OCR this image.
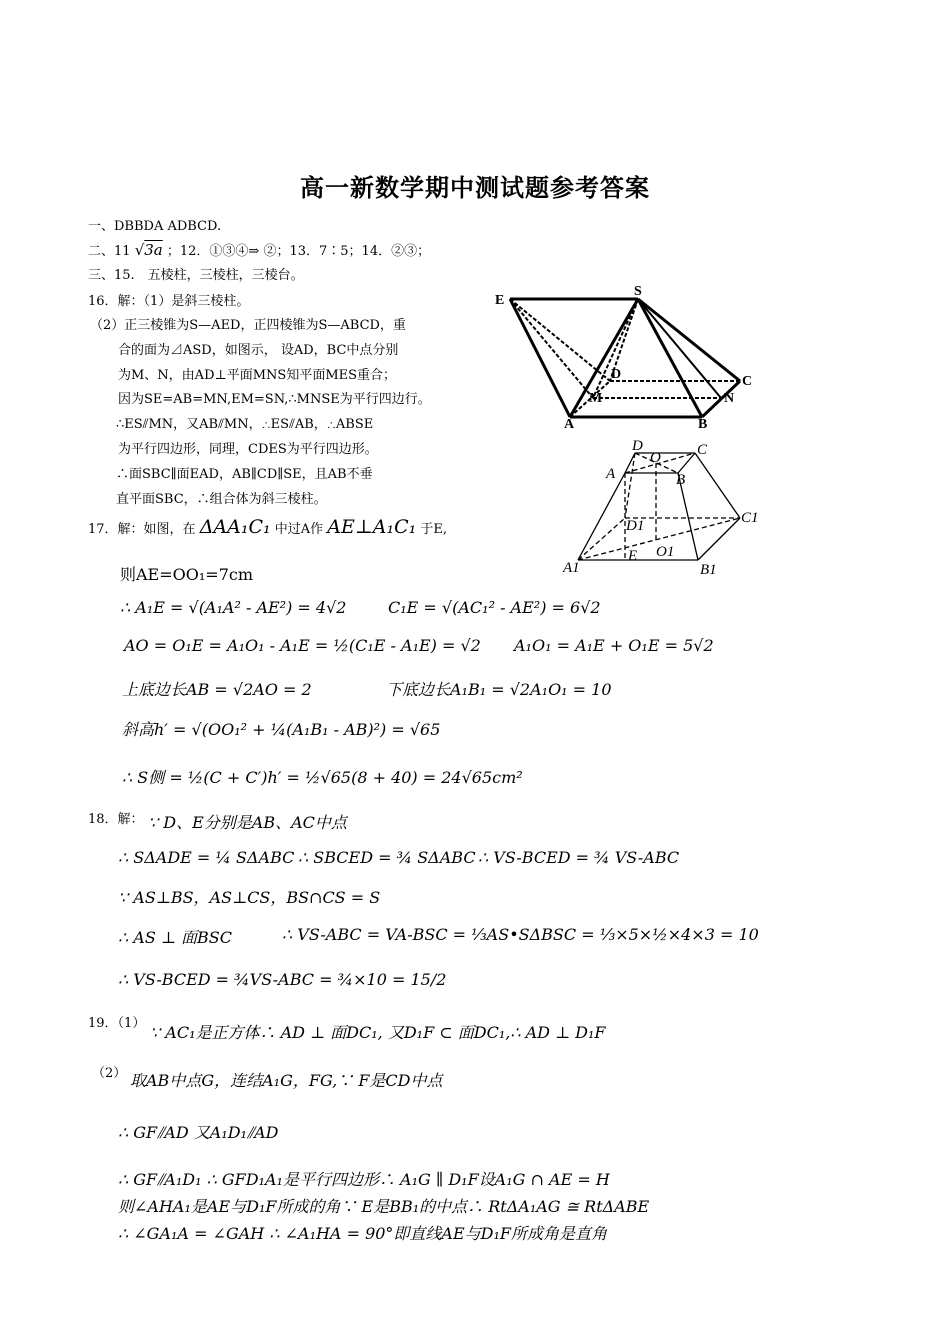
高一新数学期中测试题参考答案
一、DBBDA ADBCD.
二、11 √3a ；12．①③④⇒ ②；13．7∶5；14．②③；
三、15.　五棱柱，三棱柱，三棱台。
16．解：（1）是斜三棱柱。
（2）正三棱锥为S—AED，正四棱锥为S—ABCD，重
合的面为⊿ASD，如图示， 设AD，BC中点分别
为M、N，由AD⊥平面MNS知平面MES重合；
因为SE=AB=MN,EM=SN,∴MNSE为平行四边行。
∴ES⫽MN，又AB⫽MN，∴ES⫽AB，∴ABSE
为平行四边形，同理，CDES为平行四边形。
∴面SBC∥面EAD，AB∥CD∥SE，且AB不垂
直平面SBC，∴组合体为斜三棱柱。
E
S
D	C
M	N
A	B
D
O C
A	B
D1	C1
E O1
A1	B1
17．解：如图，在 ΔAA₁C₁ 中过A作 AE⊥A₁C₁ 于E,
则AE=OO₁=7cm
∴ A₁E = √(A₁A² - AE²) = 4√2	C₁E = √(AC₁² - AE²) = 6√2
AO = O₁E = A₁O₁ - A₁E = ½(C₁E - A₁E) = √2 A₁O₁ = A₁E + O₁E = 5√2
上底边长AB = √2AO = 2	下底边长A₁B₁ = √2A₁O₁ = 10
斜高h′ = √(OO₁² + ¼(A₁B₁ - AB)²) = √65
∴ S侧 = ½(C + C′)h′ = ½√65(8 + 40) = 24√65cm²
18．解： ∵ D、E分别是AB、AC中点
∴ SΔADE = ¼ SΔABC ∴ SBCED = ¾ SΔABC ∴ VS-BCED = ¾ VS-ABC
∵ AS⊥BS，AS⊥CS，BS∩CS = S
∴ AS ⊥ 面BSC	∴ VS-ABC = VA-BSC = ⅓AS•SΔBSC = ⅓×5×½×4×3 = 10
∴ VS-BCED = ¾VS-ABC = ¾×10 = 15/2
19．（1） ∵ AC₁是正方体∴ AD ⊥ 面DC₁, 又D₁F ⊂ 面DC₁,∴ AD ⊥ D₁F
（2） 取AB中点G，连结A₁G，FG,∵ F是CD中点
∴ GF⫽AD 又A₁D₁⫽AD
∴ GF⫽A₁D₁ ∴ GFD₁A₁是平行四边形∴ A₁G ∥ D₁F设A₁G ∩ AE = H
则∠AHA₁是AE与D₁F所成的角∵ E是BB₁的中点∴ RtΔA₁AG ≅ RtΔABE
∴ ∠GA₁A = ∠GAH ∴ ∠A₁HA = 90°即直线AE与D₁F所成角是直角
